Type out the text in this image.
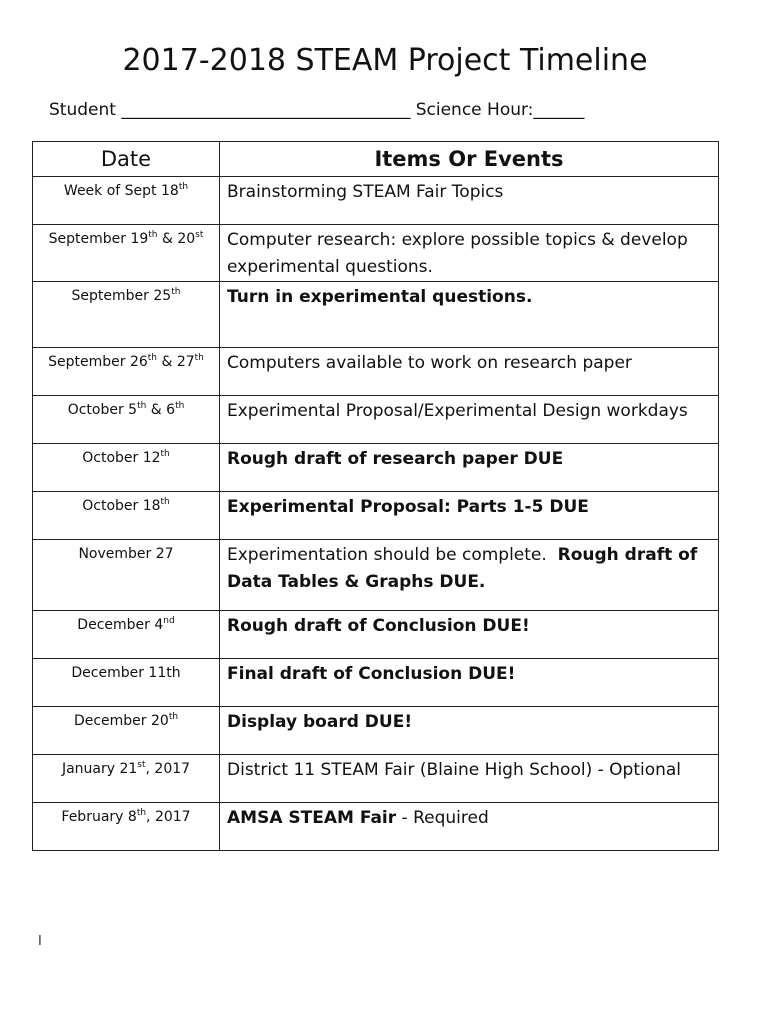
2017-2018 STEAM Project Timeline
Student __________________________________ Science Hour:______
Date	Items Or Events
Week of Sept 18th	Brainstorming STEAM Fair Topics
September 19th & 20st	Computer research: explore possible topics & develop experimental questions.
September 25th	Turn in experimental questions.
September 26th & 27th	Computers available to work on research paper
October 5th & 6th	Experimental Proposal/Experimental Design workdays
October 12th	Rough draft of research paper DUE
October 18th	Experimental Proposal: Parts 1-5 DUE
November 27	Experimentation should be complete.  Rough draft of Data Tables & Graphs DUE.
December 4nd	Rough draft of Conclusion DUE!
December 11th	Final draft of Conclusion DUE!
December 20th	Display board DUE!
January 21st, 2017	District 11 STEAM Fair (Blaine High School) - Optional
February 8th, 2017	AMSA STEAM Fair - Required
I
